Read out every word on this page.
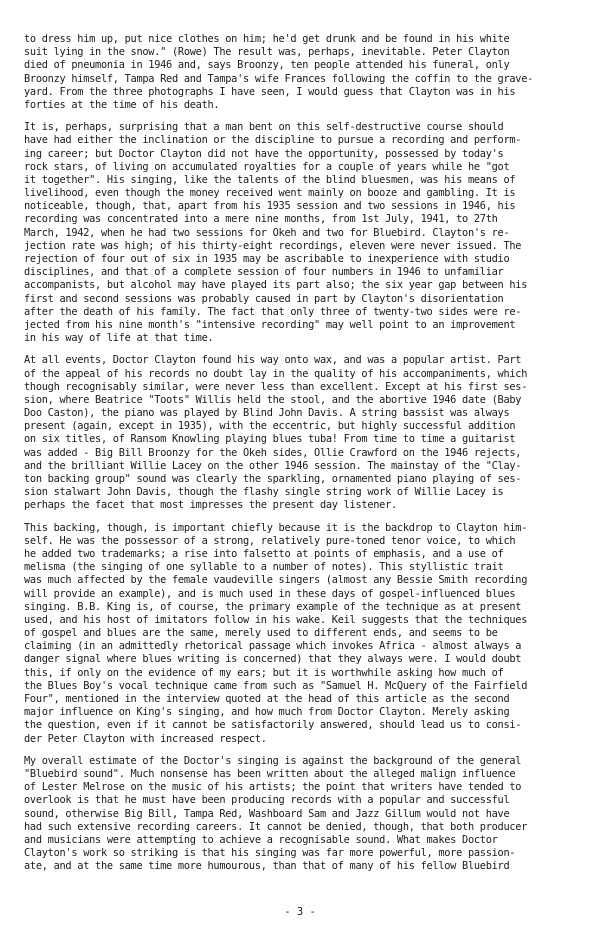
to dress him up, put nice clothes on him; he'd get drunk and be found in his white
suit lying in the snow." (Rowe) The result was, perhaps, inevitable. Peter Clayton
died of pneumonia in 1946 and, says Broonzy, ten people attended his funeral, only
Broonzy himself, Tampa Red and Tampa's wife Frances following the coffin to the grave-
yard. From the three photographs I have seen, I would guess that Clayton was in his
forties at the time of his death.
It is, perhaps, surprising that a man bent on this self-destructive course should
have had either the inclination or the discipline to pursue a recording and perform-
ing career; but Doctor Clayton did not have the opportunity, possessed by today's
rock stars, of living on accumulated royalties for a couple of years while he "got
it together". His singing, like the talents of the blind bluesmen, was his means of
livelihood, even though the money received went mainly on booze and gambling. It is
noticeable, though, that, apart from his 1935 session and two sessions in 1946, his
recording was concentrated into a mere nine months, from 1st July, 1941, to 27th
March, 1942, when he had two sessions for Okeh and two for Bluebird. Clayton's re-
jection rate was high; of his thirty-eight recordings, eleven were never issued. The
rejection of four out of six in 1935 may be ascribable to inexperience with studio
disciplines, and that of a complete session of four numbers in 1946 to unfamiliar
accompanists, but alcohol may have played its part also; the six year gap between his
first and second sessions was probably caused in part by Clayton's disorientation
after the death of his family. The fact that only three of twenty-two sides were re-
jected from his nine month's "intensive recording" may well point to an improvement
in his way of life at that time.
At all events, Doctor Clayton found his way onto wax, and was a popular artist. Part
of the appeal of his records no doubt lay in the quality of his accompaniments, which
though recognisably similar, were never less than excellent. Except at his first ses-
sion, where Beatrice "Toots" Willis held the stool, and the abortive 1946 date (Baby
Doo Caston), the piano was played by Blind John Davis. A string bassist was always
present (again, except in 1935), with the eccentric, but highly successful addition
on six titles, of Ransom Knowling playing blues tuba! From time to time a guitarist
was added - Big Bill Broonzy for the Okeh sides, Ollie Crawford on the 1946 rejects,
and the brilliant Willie Lacey on the other 1946 session. The mainstay of the "Clay-
ton backing group" sound was clearly the sparkling, ornamented piano playing of ses-
sion stalwart John Davis, though the flashy single string work of Willie Lacey is
perhaps the facet that most impresses the present day listener.
This backing, though, is important chiefly because it is the backdrop to Clayton him-
self. He was the possessor of a strong, relatively pure-toned tenor voice, to which
he added two trademarks; a rise into falsetto at points of emphasis, and a use of
melisma (the singing of one syllable to a number of notes). This styllistic trait
was much affected by the female vaudeville singers (almost any Bessie Smith recording
will provide an example), and is much used in these days of gospel-influenced blues
singing. B.B. King is, of course, the primary example of the technique as at present
used, and his host of imitators follow in his wake. Keil suggests that the techniques
of gospel and blues are the same, merely used to different ends, and seems to be
claiming (in an admittedly rhetorical passage which invokes Africa - almost always a
danger signal where blues writing is concerned) that they always were. I would doubt
this, if only on the evidence of my ears; but it is worthwhile asking how much of
the Blues Boy's vocal technique came from such as "Samuel H. McQuery of the Fairfield
Four", mentioned in the interview quoted at the head of this article as the second
major influence on King's singing, and how much from Doctor Clayton. Merely asking
the question, even if it cannot be satisfactorily answered, should lead us to consi-
der Peter Clayton with increased respect.
My overall estimate of the Doctor's singing is against the background of the general
"Bluebird sound". Much nonsense has been written about the alleged malign influence
of Lester Melrose on the music of his artists; the point that writers have tended to
overlook is that he must have been producing records with a popular and successful
sound, otherwise Big Bill, Tampa Red, Washboard Sam and Jazz Gillum would not have
had such extensive recording careers. It cannot be denied, though, that both producer
and musicians were attempting to achieve a recognisable sound. What makes Doctor
Clayton's work so striking is that his singing was far more powerful, more passion-
ate, and at the same time more humourous, than that of many of his fellow Bluebird
- 3 -
